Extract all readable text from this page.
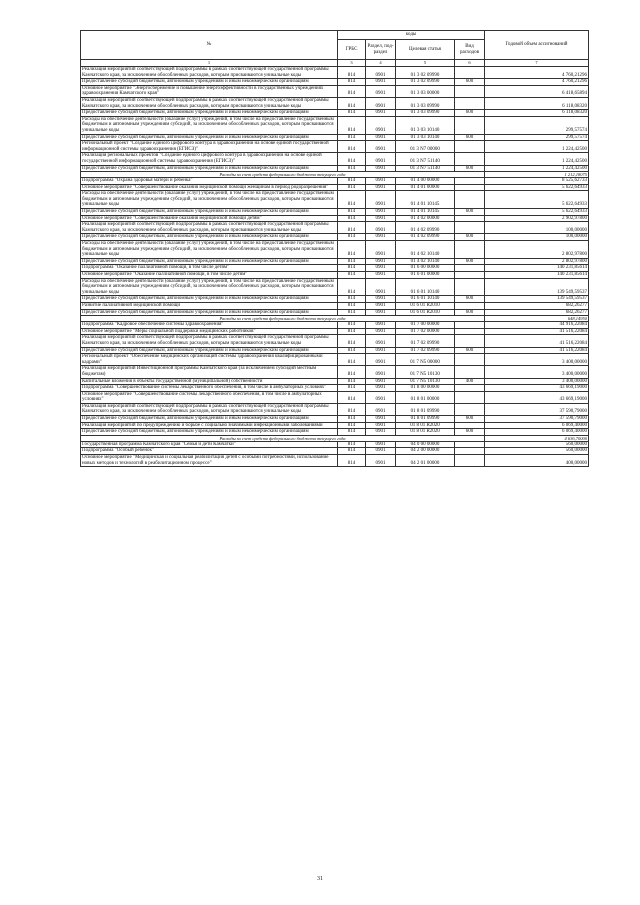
№	коды				Годовой объем ассигнований
	ГРБС	Раздел, под-раздел	Целевая статья	Вид расходов	
1	3	4	5	6	7
Реализация мероприятий соответствующей подпрограммы в рамках соответствующей государственной программы Камчатского края, за исключением обособленных расходов, которым присваиваются уникальные коды	814	0901	01 3 02 09990		4 760,21296
Предоставление субсидий бюджетным, автономным учреждениям и иным некоммерческим организациям	814	0901	01 3 02 09990	600	4 760,21296
Основное мероприятие "Энергосбережение и повышение энергоэффективности в государственных учреждениях здравоохранения Камчатского края"	814	0901	01 3 03 00000		6 418,65894
Реализация мероприятий соответствующей подпрограммы в рамках соответствующей государственной программы Камчатского края, за исключением обособленных расходов, которым присваиваются уникальные коды	814	0901	01 3 03 09990		6 118,08320
Предоставление субсидий бюджетным, автономным учреждениям и иным некоммерческим организациям	814	0901	01 3 03 09990	600	6 118,08320
Расходы на обеспечение деятельности (оказание услуг) учреждений, в том числе на предоставление государственным бюджетным и автономным учреждениям субсидий, за исключением обособленных расходов, которым присваиваются уникальные коды	814	0901	01 3 03 10140		299,57574
Предоставление субсидий бюджетным, автономным учреждениям и иным некоммерческим организациям	814	0901	01 3 03 10140	600	299,57574
Региональный проект "Создание единого цифрового контура в здравоохранении на основе единой государственной информационной системы здравоохранения (ЕГИСЗ)"	814	0901	01 3 N7 00000		1 224,42500
Реализация региональных проектов "Создание единого цифрового контура в здравоохранении на основе единой государственной информационной системы здравоохранения (ЕГИСЗ)"	814	0901	01 3 N7 51140		1 224,42500
Предоставление субсидий бюджетным, автономным учреждениям и иным некоммерческим организациям	814	0901	01 3 N7 51140	600	1 224,42500
Расходы за счет средств федерального бюджета текущего года					1 212,18075
Подпрограмма "Охрана здоровья матери и ребенка"	814	0901	01 4 00 00000		8 525,62733
Основное мероприятие "Совершенствование оказания медицинской помощи женщинам в период родоразрешения"	814	0901	01 4 01 00000		5 622,64933
Расходы на обеспечение деятельности (оказание услуг) учреждений, в том числе на предоставление государственным бюджетным и автономным учреждениям субсидий, за исключением обособленных расходов, которым присваиваются уникальные коды	814	0901	01 4 01 10145		5 622,64933
Предоставление субсидий бюджетным, автономным учреждениям и иным некоммерческим организациям	814	0901	01 4 01 10145	600	5 622,64933
Основное мероприятие "Совершенствование оказания медицинской помощи детям"	814	0901	01 4 02 00000		2 902,97800
Реализация мероприятий соответствующей подпрограммы в рамках соответствующей государственной программы Камчатского края, за исключением обособленных расходов, которым присваиваются уникальные коды	814	0901	01 4 02 09990		100,00000
Предоставление субсидий бюджетным, автономным учреждениям и иным некоммерческим организациям	814	0901	01 4 02 09990	600	100,00000
Расходы на обеспечение деятельности (оказание услуг) учреждений, в том числе на предоставление государственным бюджетным и автономным учреждениям субсидий, за исключением обособленных расходов, которым присваиваются уникальные коды	814	0901	01 4 02 10140		2 802,97800
Предоставление субсидий бюджетным, автономным учреждениям и иным некоммерческим организациям	814	0901	01 4 02 10140	600	2 802,97800
Подпрограмма "Оказание паллиативной помощи, в том числе детям"	814	0901	01 6 00 00000		140 231,85614
Основное мероприятие "Оказание паллиативной помощи, в том числе детям"	814	0901	01 6 01 00000		140 231,85614
Расходы на обеспечение деятельности (оказание услуг) учреждений, в том числе на предоставление государственным бюджетным и автономным учреждениям субсидий, за исключением обособленных расходов, которым присваиваются уникальные коды	814	0901	01 6 01 10140		139 549,59537
Предоставление субсидий бюджетным, автономным учреждениям и иным некоммерческим организациям	814	0901	01 6 01 10140	600	139 549,59537
Развитие паллиативной медицинской помощи	814	0901	01 6 01 R2010		682,26277
Предоставление субсидий бюджетным, автономным учреждениям и иным некоммерческим организациям	814	0901	01 6 01 R2010	600	682,26277
Расходы за счет средств федерального бюджета текущего года					648,14950
Подпрограмма "Кадровое обеспечение системы здравоохранения"	814	0901	01 7 00 00000		44 916,22084
Основное мероприятие "Меры социальной поддержки медицинских работников"	814	0901	01 7 02 00000		41 516,22084
Реализация мероприятий соответствующей подпрограммы в рамках соответствующей государственной программы Камчатского края, за исключением обособленных расходов, которым присваиваются уникальные коды	814	0901	01 7 02 09990		41 516,22084
Предоставление субсидий бюджетным, автономным учреждениям и иным некоммерческим организациям	814	0901	01 7 02 09990	600	41 516,22084
Региональный проект "Обеспечение медицинских организаций системы здравоохранения квалифицированными кадрами"	814	0901	01 7 N5 00000		3 400,00000
Реализация мероприятий Инвестиционной программы Камчатского края (за исключением субсидий местным бюджетам)	814	0901	01 7 N5 10130		3 400,00000
Капитальные вложения в объекты государственной (муниципальной) собственности	814	0901	01 7 N5 10130	400	3 400,00000
Подпрограмма "Совершенствование системы лекарственного обеспечения, в том числе в амбулаторных условиях"	814	0901	01 8 00 00000		43 669,19000
Основное мероприятие "Совершенствование системы лекарственного обеспечения, в том числе в амбулаторных условиях"	814	0901	01 8 01 00000		43 669,19000
Реализация мероприятий соответствующей подпрограммы в рамках соответствующей государственной программы Камчатского края, за исключением обособленных расходов, которым присваиваются уникальные коды	814	0901	01 8 01 09990		37 590,79000
Предоставление субсидий бюджетным, автономным учреждениям и иным некоммерческим организациям	814	0901	01 8 01 09990	600	37 590,79000
Реализация мероприятий по предупреждению и борьбе с социально значимыми инфекционными заболеваниями	814	0901	01 8 01 R2020		6 069,40000
Предоставление субсидий бюджетным, автономным учреждениям и иным некоммерческим организациям	814	0901	01 8 01 R2020	600	6 069,40000
Расходы за счет средств федерального бюджета текущего года					4 636,70000
Государственная программа Камчатского края "Семья и дети Камчатки"	814	0901	04 0 00 00000		560,00000
Подпрограмма "Особый ребенок"	814	0901	04 2 00 00000		560,00000
Основное мероприятие "Медицинская и социальная реабилитация детей с особыми потребностями, использование новых методов и технологий в реабилитационном процессе"	814	0901	04 2 01 00000		400,00000
31
